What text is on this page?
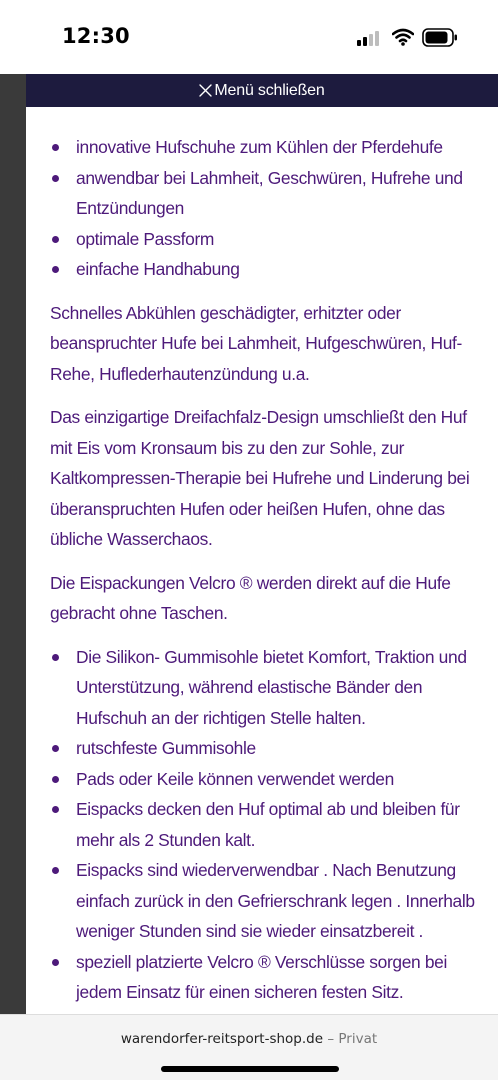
12:30
Menü schließen
innovative Hufschuhe zum Kühlen der Pferdehufe
anwendbar bei Lahmheit, Geschwüren, Hufrehe und Entzündungen
optimale Passform
einfache Handhabung

Schnelles Abkühlen geschädigter, erhitzter oder beanspruchter Hufe bei Lahmheit, Hufgeschwüren, Huf-Rehe, Huflederhautenzündung u.a.

Das einzigartige Dreifachfalz-Design umschließt den Huf mit Eis vom Kronsaum bis zu den zur Sohle, zur Kaltkompressen-Therapie bei Hufrehe und Linderung bei überanspruchten Hufen oder heißen Hufen, ohne das übliche Wasserchaos.

Die Eispackungen Velcro ® werden direkt auf die Hufe gebracht ohne Taschen.

Die Silikon- Gummisohle bietet Komfort, Traktion und Unterstützung, während elastische Bänder den Hufschuh an der richtigen Stelle halten.
rutschfeste Gummisohle
Pads oder Keile können verwendet werden
Eispacks decken den Huf optimal ab und bleiben für mehr als 2 Stunden kalt.
Eispacks sind wiederverwendbar . Nach Benutzung einfach zurück in den Gefrierschrank legen . Innerhalb weniger Stunden sind sie wieder einsatzbereit .
speziell platzierte Velcro ® Verschlüsse sorgen bei jedem Einsatz für einen sicheren festen Sitz.
warendorfer-reitsport-shop.de – Privat
